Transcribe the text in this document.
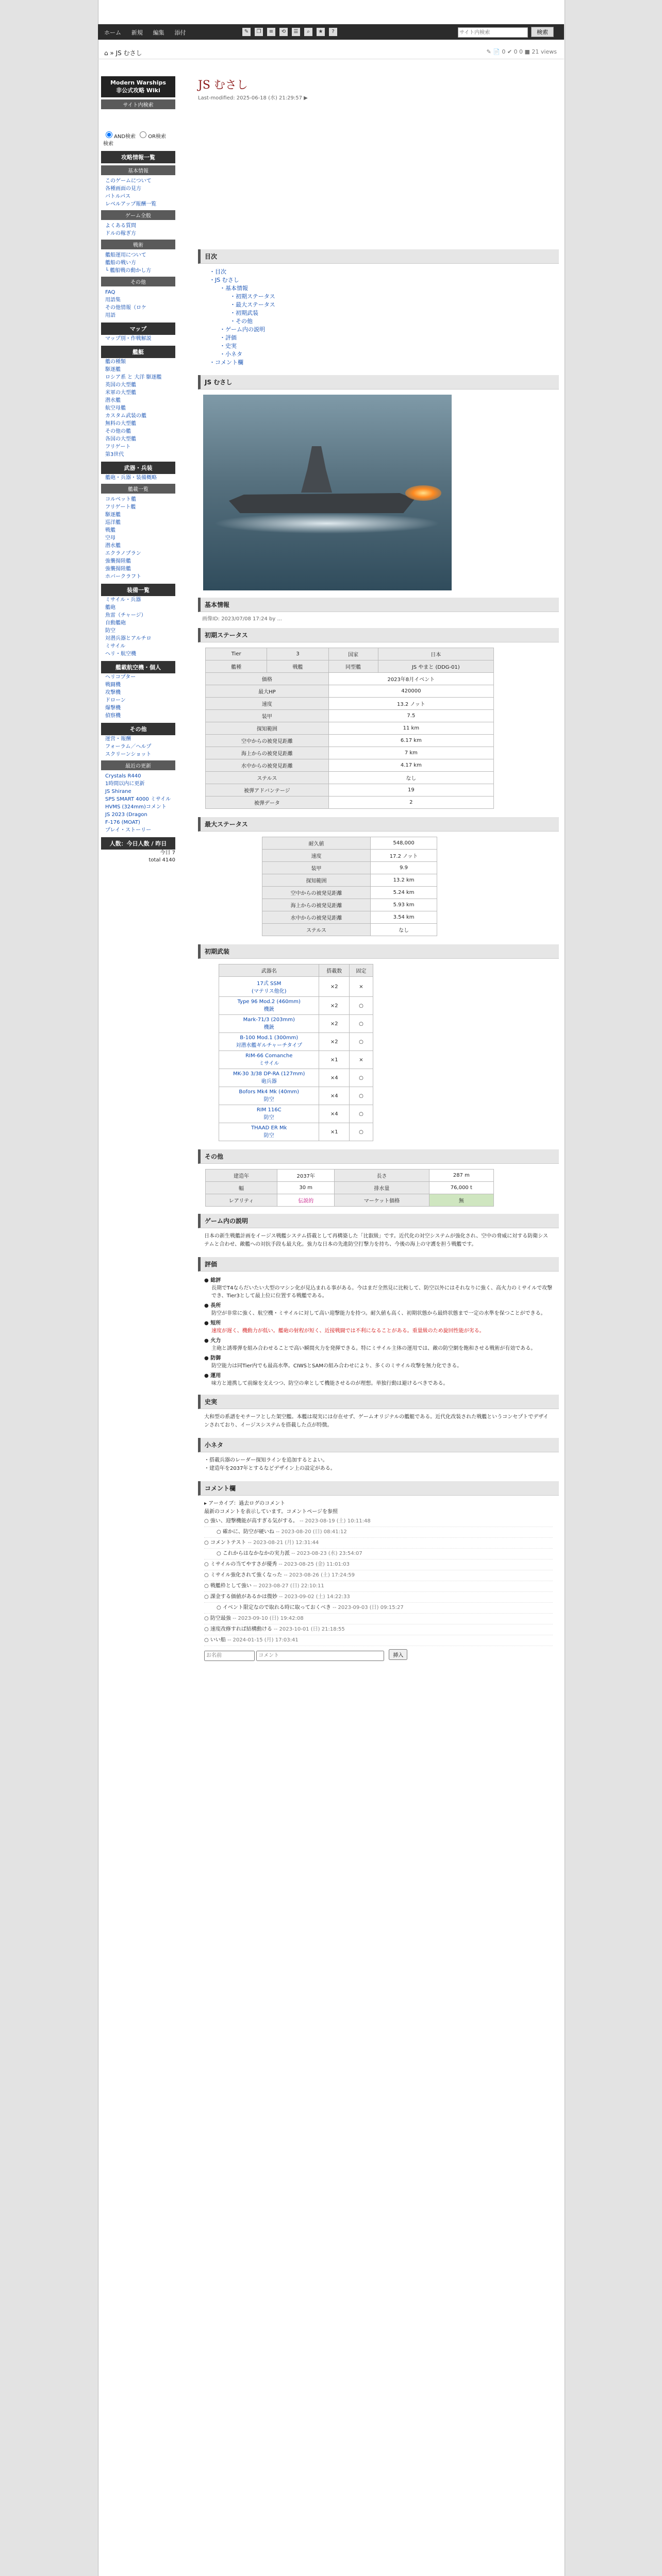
ホーム 新規 編集 添付	✎ ❐ ≡ ⟲ ☰ ⌕ ★ ?
サイト内検索	検索
⌂ » JS むさし	✎ 📄 0 ✔ 0 0 ■ 21 views
Modern Warships
非公式攻略 Wiki
サイト内検索
AND検索 OR検索
検索
攻略情報一覧
基本情報
このゲームについて
各種画面の見方
バトルパス
レベルアップ報酬一覧
ゲーム全般
よくある質問
ドルの稼ぎ方
戦術
艦船運用について
艦船の戦い方
└ 艦船戦の動かし方
その他
FAQ
用語集
その他情報（ロケ
用語
マップ
マップ別・作戦解説
艦艇
艦の種類
駆逐艦
ロシア系 と 大洋 駆逐艦
英国の大型艦
米軍の大型艦
潜水艦
航空母艦
カスタム武装の艦
無料の大型艦
その他の艦
各国の大型艦
フリゲート
第3世代
武器・兵装
艦砲・兵器・装備概略
艦載一覧
コルベット艦
フリゲート艦
駆逐艦
巡洋艦
戦艦
空母
潜水艦
エクラノプラン
強襲揚陸艦
強襲揚陸艦
ホバークラフト
装備一覧
ミサイル・兵器
艦砲
魚雷（チャージ）
自動艦砲
防空
対潜兵器とアルチロ
ミサイル
ヘリ・航空機
艦載航空機・個人
ヘリコプター
戦闘機
攻撃機
ドローン
爆撃機
偵察機
その他
運営・報酬
フォーラム／ヘルプ
スクリーンショット
最近の更新
Crystals R440
1時間以内に更新
JS Shirane
SPS SMART 4000 ミサイル
HVMS (324mm)コメント
JS 2023 (Dragon
F-176 (MOAT)
プレイ・ストーリー
人数：今日人数 / 昨日
今日 7
total 4140
JS むさし
Last-modified: 2025-06-18 (水) 21:29:57 ▶
目次
・目次
・JS むさし
・基本情報
・初期ステータス
・最大ステータス
・初期武装
・その他
・ゲーム内の説明
・評価
・史実
・小ネタ
・コメント欄
JS むさし
基本情報
画像ID: 2023/07/08 17:24 by ...
初期ステータス
Tier	3	国家	日本
艦種	戦艦	同型艦	JS やまと (DDG-01)
価格		2023年8月イベント	
最大HP		420000	
速度		13.2 ノット	
装甲		7.5	
探知範囲		11 km	
空中からの被発見距離		6.17 km	
海上からの被発見距離		7 km	
水中からの被発見距離		4.17 km	
ステルス		なし	
被弾アドバンテージ		19	
被弾データ		2	
最大ステータス
耐久値	548,000
速度	17.2 ノット
装甲	9.9
探知範囲	13.2 km
空中からの被発見距離	5.24 km
海上からの被発見距離	5.93 km
水中からの被発見距離	3.54 km
ステルス	なし
初期武装
武器名	搭載数	固定
17式 SSM
(マテリス他化)	×2	×
Type 96 Mod.2 (460mm)
機銃	×2	○
Mark-71/3 (203mm)
機銃	×2	○
B-100 Mod.1 (300mm)
対潜水艦ギルチャーチタイプ	×2	○
RIM-66 Comanche
ミサイル	×1	×
MK-30 3/38 DP-RA (127mm)
砲兵器	×4	○
Bofors Mk4 Mk (40mm)
防空	×4	○
RIM 116C
防空	×4	○
THAAD ER Mk
防空	×1	○
その他
建造年	2037年	長さ	287 m
幅	30 m	排水量	76,000 t
レアリティ	伝説的	マーケット価格	無
ゲーム内の説明
日本の新生戦艦計画をイージス戦艦システム搭載として再構築した「比叡級」です。近代化の対空システムが強化され、空中の脅威に対する防衛システムと合わせ、敵艦への対抗手段も最大化。強力な日本の先進防空打撃力を持ち、今後の海上の守護を担う戦艦です。
評価
● 総評
長期でT4ならだいたい大型のマシン化が見込まれる事がある。今はまだ全然見に比較して、防空以外にはそれなりに強く、高火力のミサイルで攻撃でき、Tier3として最上位に位置する戦艦である。
● 長所
防空が非常に強く、航空機・ミサイルに対して高い迎撃能力を持つ。耐久値も高く、初期状態から最終状態まで一定の水準を保つことができる。
● 短所
速度が遅く、機動力が低い。艦砲の射程が短く、近接戦闘では不利になることがある。重量級のため旋回性能が劣る。
● 火力
主砲と誘導弾を組み合わせることで高い瞬間火力を発揮できる。特にミサイル主体の運用では、敵の防空網を飽和させる戦術が有効である。
● 防御
防空能力は同Tier内でも最高水準。CIWSとSAMの組み合わせにより、多くのミサイル攻撃を無力化できる。
● 運用
味方と連携して前線を支えつつ、防空の傘として機能させるのが理想。単独行動は避けるべきである。
史実
大和型の系譜をモチーフとした架空艦。本艦は現実には存在せず、ゲームオリジナルの艦艇である。近代化改装された戦艦というコンセプトでデザインされており、イージスシステムを搭載した点が特徴。
小ネタ
・搭載兵器のレーダー探知ラインを追加するとよい。
・建造年を2037年とするなどデザイン上の設定がある。
コメント欄
▸ アーカイブ：過去ログのコメント
最新のコメントを表示しています。コメントページを参照
○ 強い、迎撃機能が高すぎる気がする。 -- 2023-08-19 (土) 10:11:48
○ 確かに、防空が硬いね -- 2023-08-20 (日) 08:41:12
○ コメントテスト -- 2023-08-21 (月) 12:31:44
○ これからはなかなかの実力派 -- 2023-08-23 (水) 23:54:07
○ ミサイルの当てやすさが優秀 -- 2023-08-25 (金) 11:01:03
○ ミサイル強化されて強くなった -- 2023-08-26 (土) 17:24:59
○ 戦艦枠として強い -- 2023-08-27 (日) 22:10:11
○ 課金する価値があるかは微妙 -- 2023-09-02 (土) 14:22:33
○ イベント限定なので取れる時に取っておくべき -- 2023-09-03 (日) 09:15:27
○ 防空最強 -- 2023-09-10 (日) 19:42:08
○ 速度改修すれば結構動ける -- 2023-10-01 (日) 21:18:55
○ いい船 -- 2024-01-15 (月) 17:03:41
お名前 コメント 挿入
